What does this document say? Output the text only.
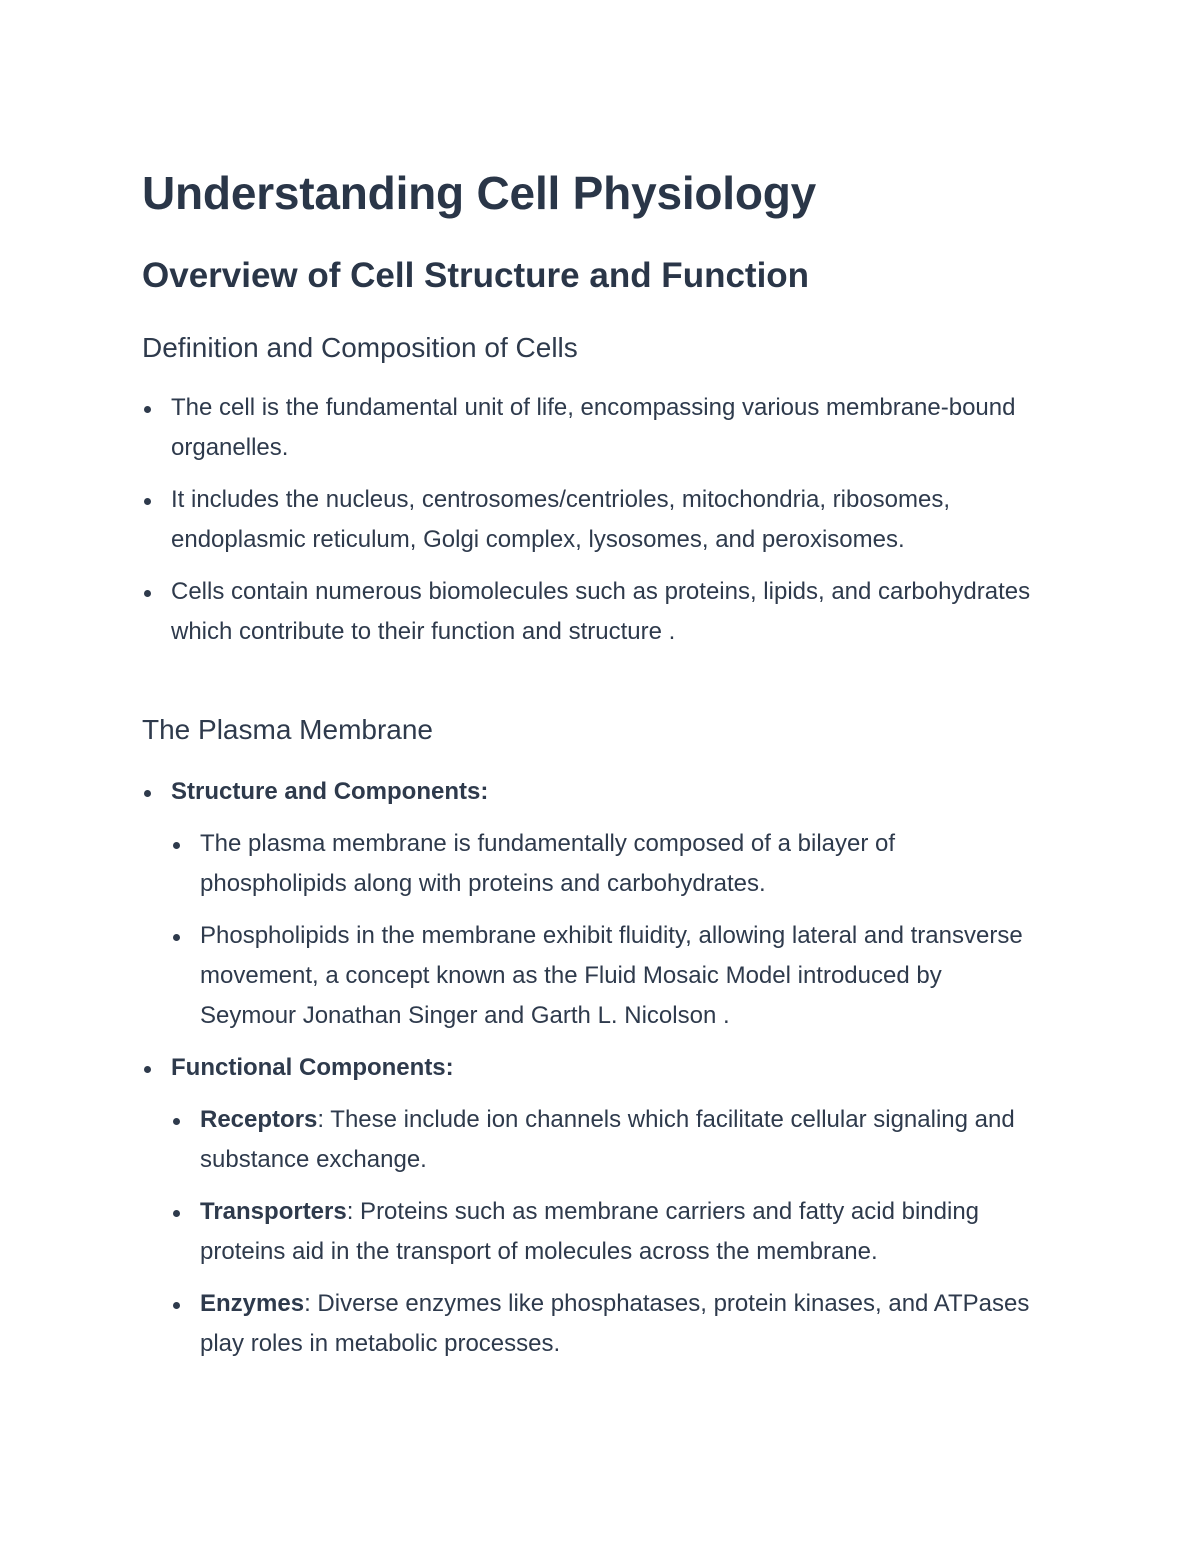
Understanding Cell Physiology
Overview of Cell Structure and Function
Definition and Composition of Cells
The cell is the fundamental unit of life, encompassing various membrane-bound organelles.
It includes the nucleus, centrosomes/centrioles, mitochondria, ribosomes, endoplasmic reticulum, Golgi complex, lysosomes, and peroxisomes.
Cells contain numerous biomolecules such as proteins, lipids, and carbohydrates which contribute to their function and structure .
The Plasma Membrane
Structure and Components:
The plasma membrane is fundamentally composed of a bilayer of phospholipids along with proteins and carbohydrates.
Phospholipids in the membrane exhibit fluidity, allowing lateral and transverse movement, a concept known as the Fluid Mosaic Model introduced by Seymour Jonathan Singer and Garth L. Nicolson .
Functional Components:
Receptors: These include ion channels which facilitate cellular signaling and substance exchange.
Transporters: Proteins such as membrane carriers and fatty acid binding proteins aid in the transport of molecules across the membrane.
Enzymes: Diverse enzymes like phosphatases, protein kinases, and ATPases play roles in metabolic processes.
